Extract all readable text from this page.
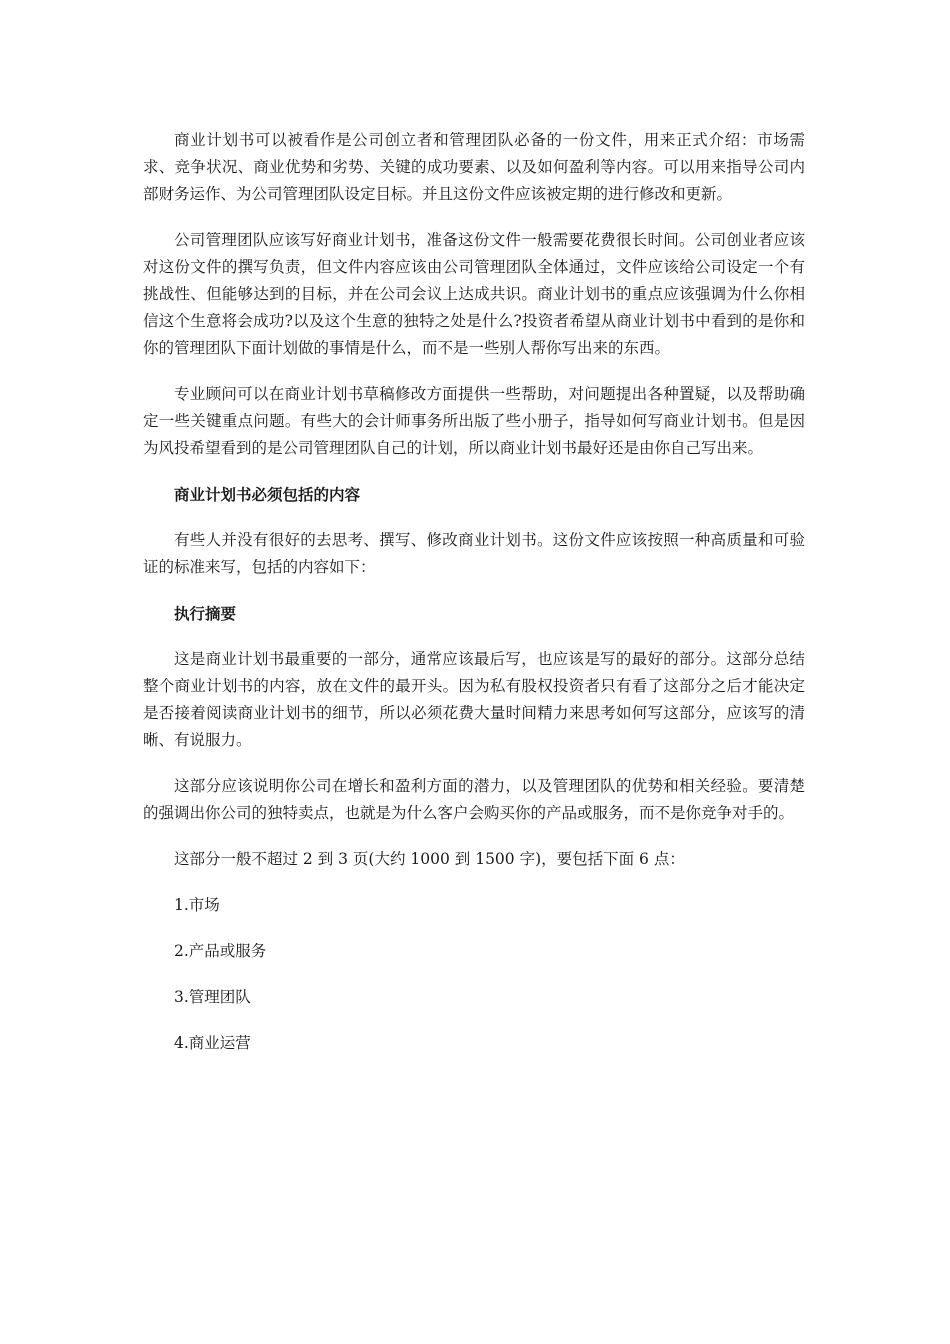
商业计划书可以被看作是公司创立者和管理团队必备的一份文件，用来正式介绍：市场需求、竞争状况、商业优势和劣势、关键的成功要素、以及如何盈利等内容。可以用来指导公司内部财务运作、为公司管理团队设定目标。并且这份文件应该被定期的进行修改和更新。

公司管理团队应该写好商业计划书，准备这份文件一般需要花费很长时间。公司创业者应该对这份文件的撰写负责，但文件内容应该由公司管理团队全体通过，文件应该给公司设定一个有挑战性、但能够达到的目标，并在公司会议上达成共识。商业计划书的重点应该强调为什么你相信这个生意将会成功?以及这个生意的独特之处是什么?投资者希望从商业计划书中看到的是你和你的管理团队下面计划做的事情是什么，而不是一些别人帮你写出来的东西。

专业顾问可以在商业计划书草稿修改方面提供一些帮助，对问题提出各种置疑，以及帮助确定一些关键重点问题。有些大的会计师事务所出版了些小册子，指导如何写商业计划书。但是因为风投希望看到的是公司管理团队自己的计划，所以商业计划书最好还是由你自己写出来。

商业计划书必须包括的内容

有些人并没有很好的去思考、撰写、修改商业计划书。这份文件应该按照一种高质量和可验证的标准来写，包括的内容如下：

执行摘要

这是商业计划书最重要的一部分，通常应该最后写，也应该是写的最好的部分。这部分总结整个商业计划书的内容，放在文件的最开头。因为私有股权投资者只有看了这部分之后才能决定是否接着阅读商业计划书的细节，所以必须花费大量时间精力来思考如何写这部分，应该写的清晰、有说服力。

这部分应该说明你公司在增长和盈利方面的潜力，以及管理团队的优势和相关经验。要清楚的强调出你公司的独特卖点，也就是为什么客户会购买你的产品或服务，而不是你竞争对手的。

这部分一般不超过 2 到 3 页(大约 1000 到 1500 字)，要包括下面 6 点：

1.市场

2.产品或服务

3.管理团队

4.商业运营
